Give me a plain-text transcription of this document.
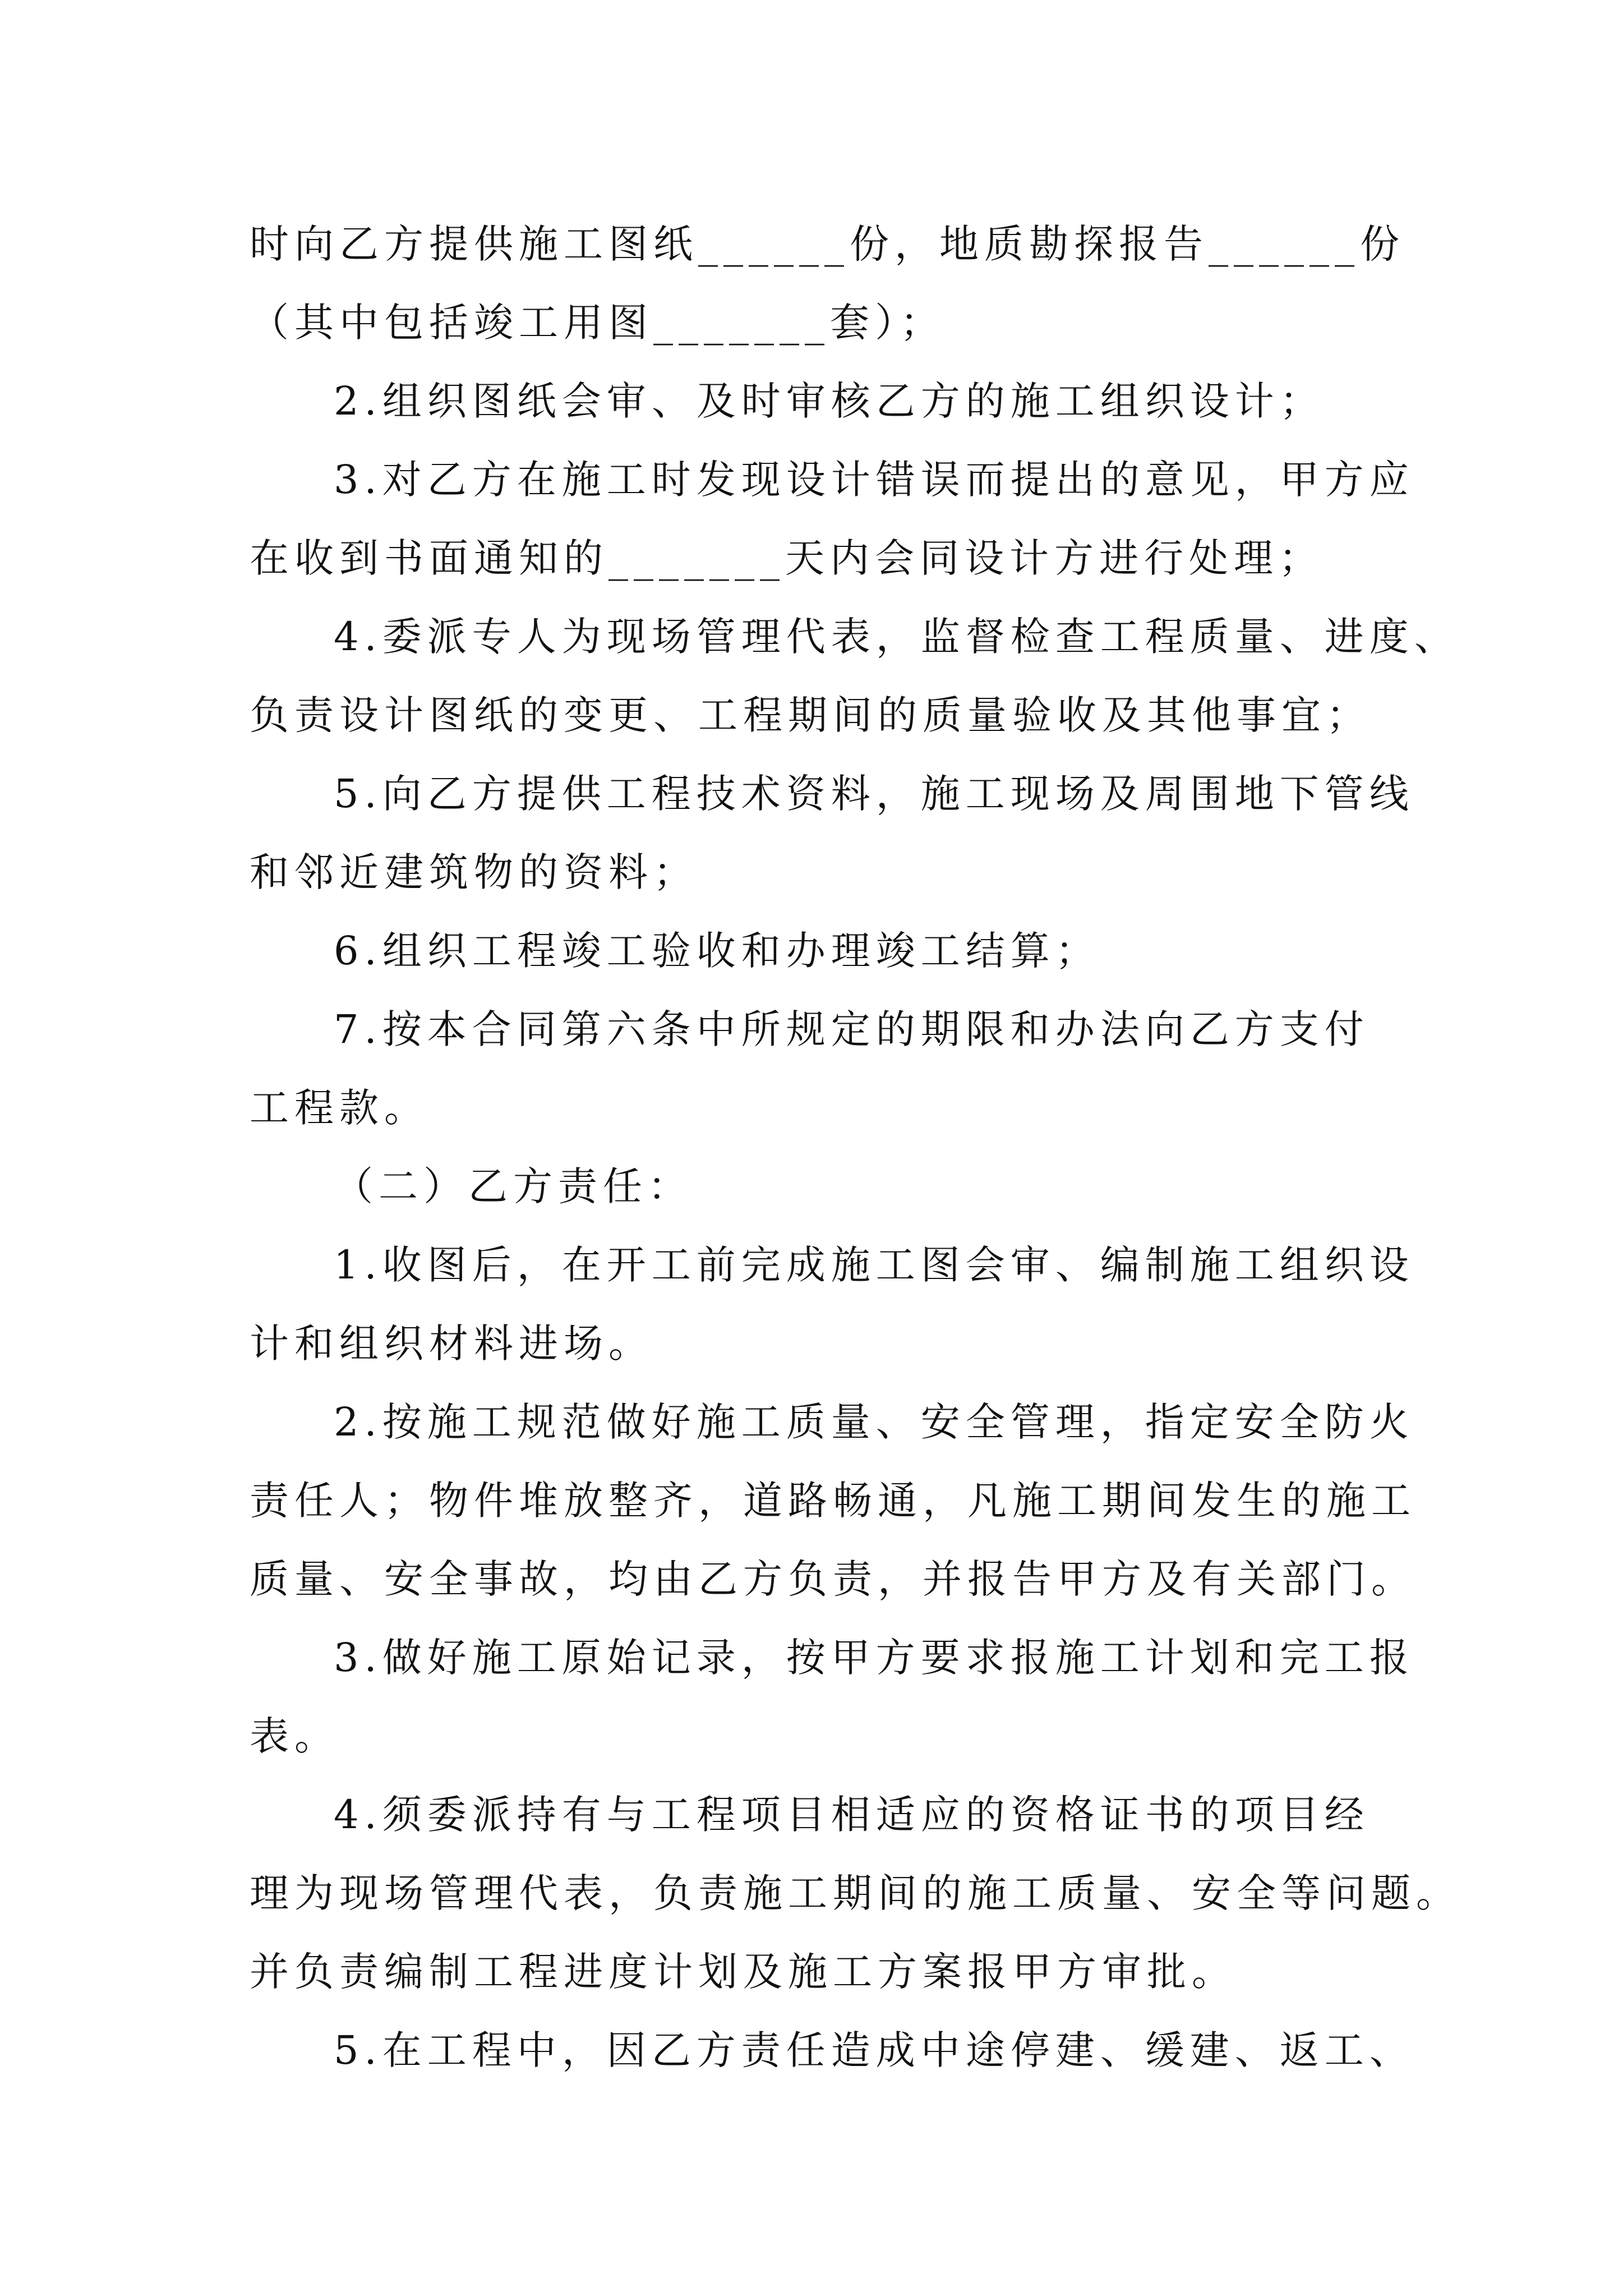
时向乙方提供施工图纸______份，地质勘探报告______份
（其中包括竣工用图_______套）；
2.组织图纸会审、及时审核乙方的施工组织设计；
3.对乙方在施工时发现设计错误而提出的意见，甲方应
在收到书面通知的_______天内会同设计方进行处理；
4.委派专人为现场管理代表，监督检查工程质量、进度、
负责设计图纸的变更、工程期间的质量验收及其他事宜；
5.向乙方提供工程技术资料，施工现场及周围地下管线
和邻近建筑物的资料；
6.组织工程竣工验收和办理竣工结算；
7.按本合同第六条中所规定的期限和办法向乙方支付
工程款。
（二）乙方责任：
1.收图后，在开工前完成施工图会审、编制施工组织设
计和组织材料进场。
2.按施工规范做好施工质量、安全管理，指定安全防火
责任人；物件堆放整齐，道路畅通，凡施工期间发生的施工
质量、安全事故，均由乙方负责，并报告甲方及有关部门。
3.做好施工原始记录，按甲方要求报施工计划和完工报
表。
4.须委派持有与工程项目相适应的资格证书的项目经
理为现场管理代表，负责施工期间的施工质量、安全等问题。
并负责编制工程进度计划及施工方案报甲方审批。
5.在工程中，因乙方责任造成中途停建、缓建、返工、
